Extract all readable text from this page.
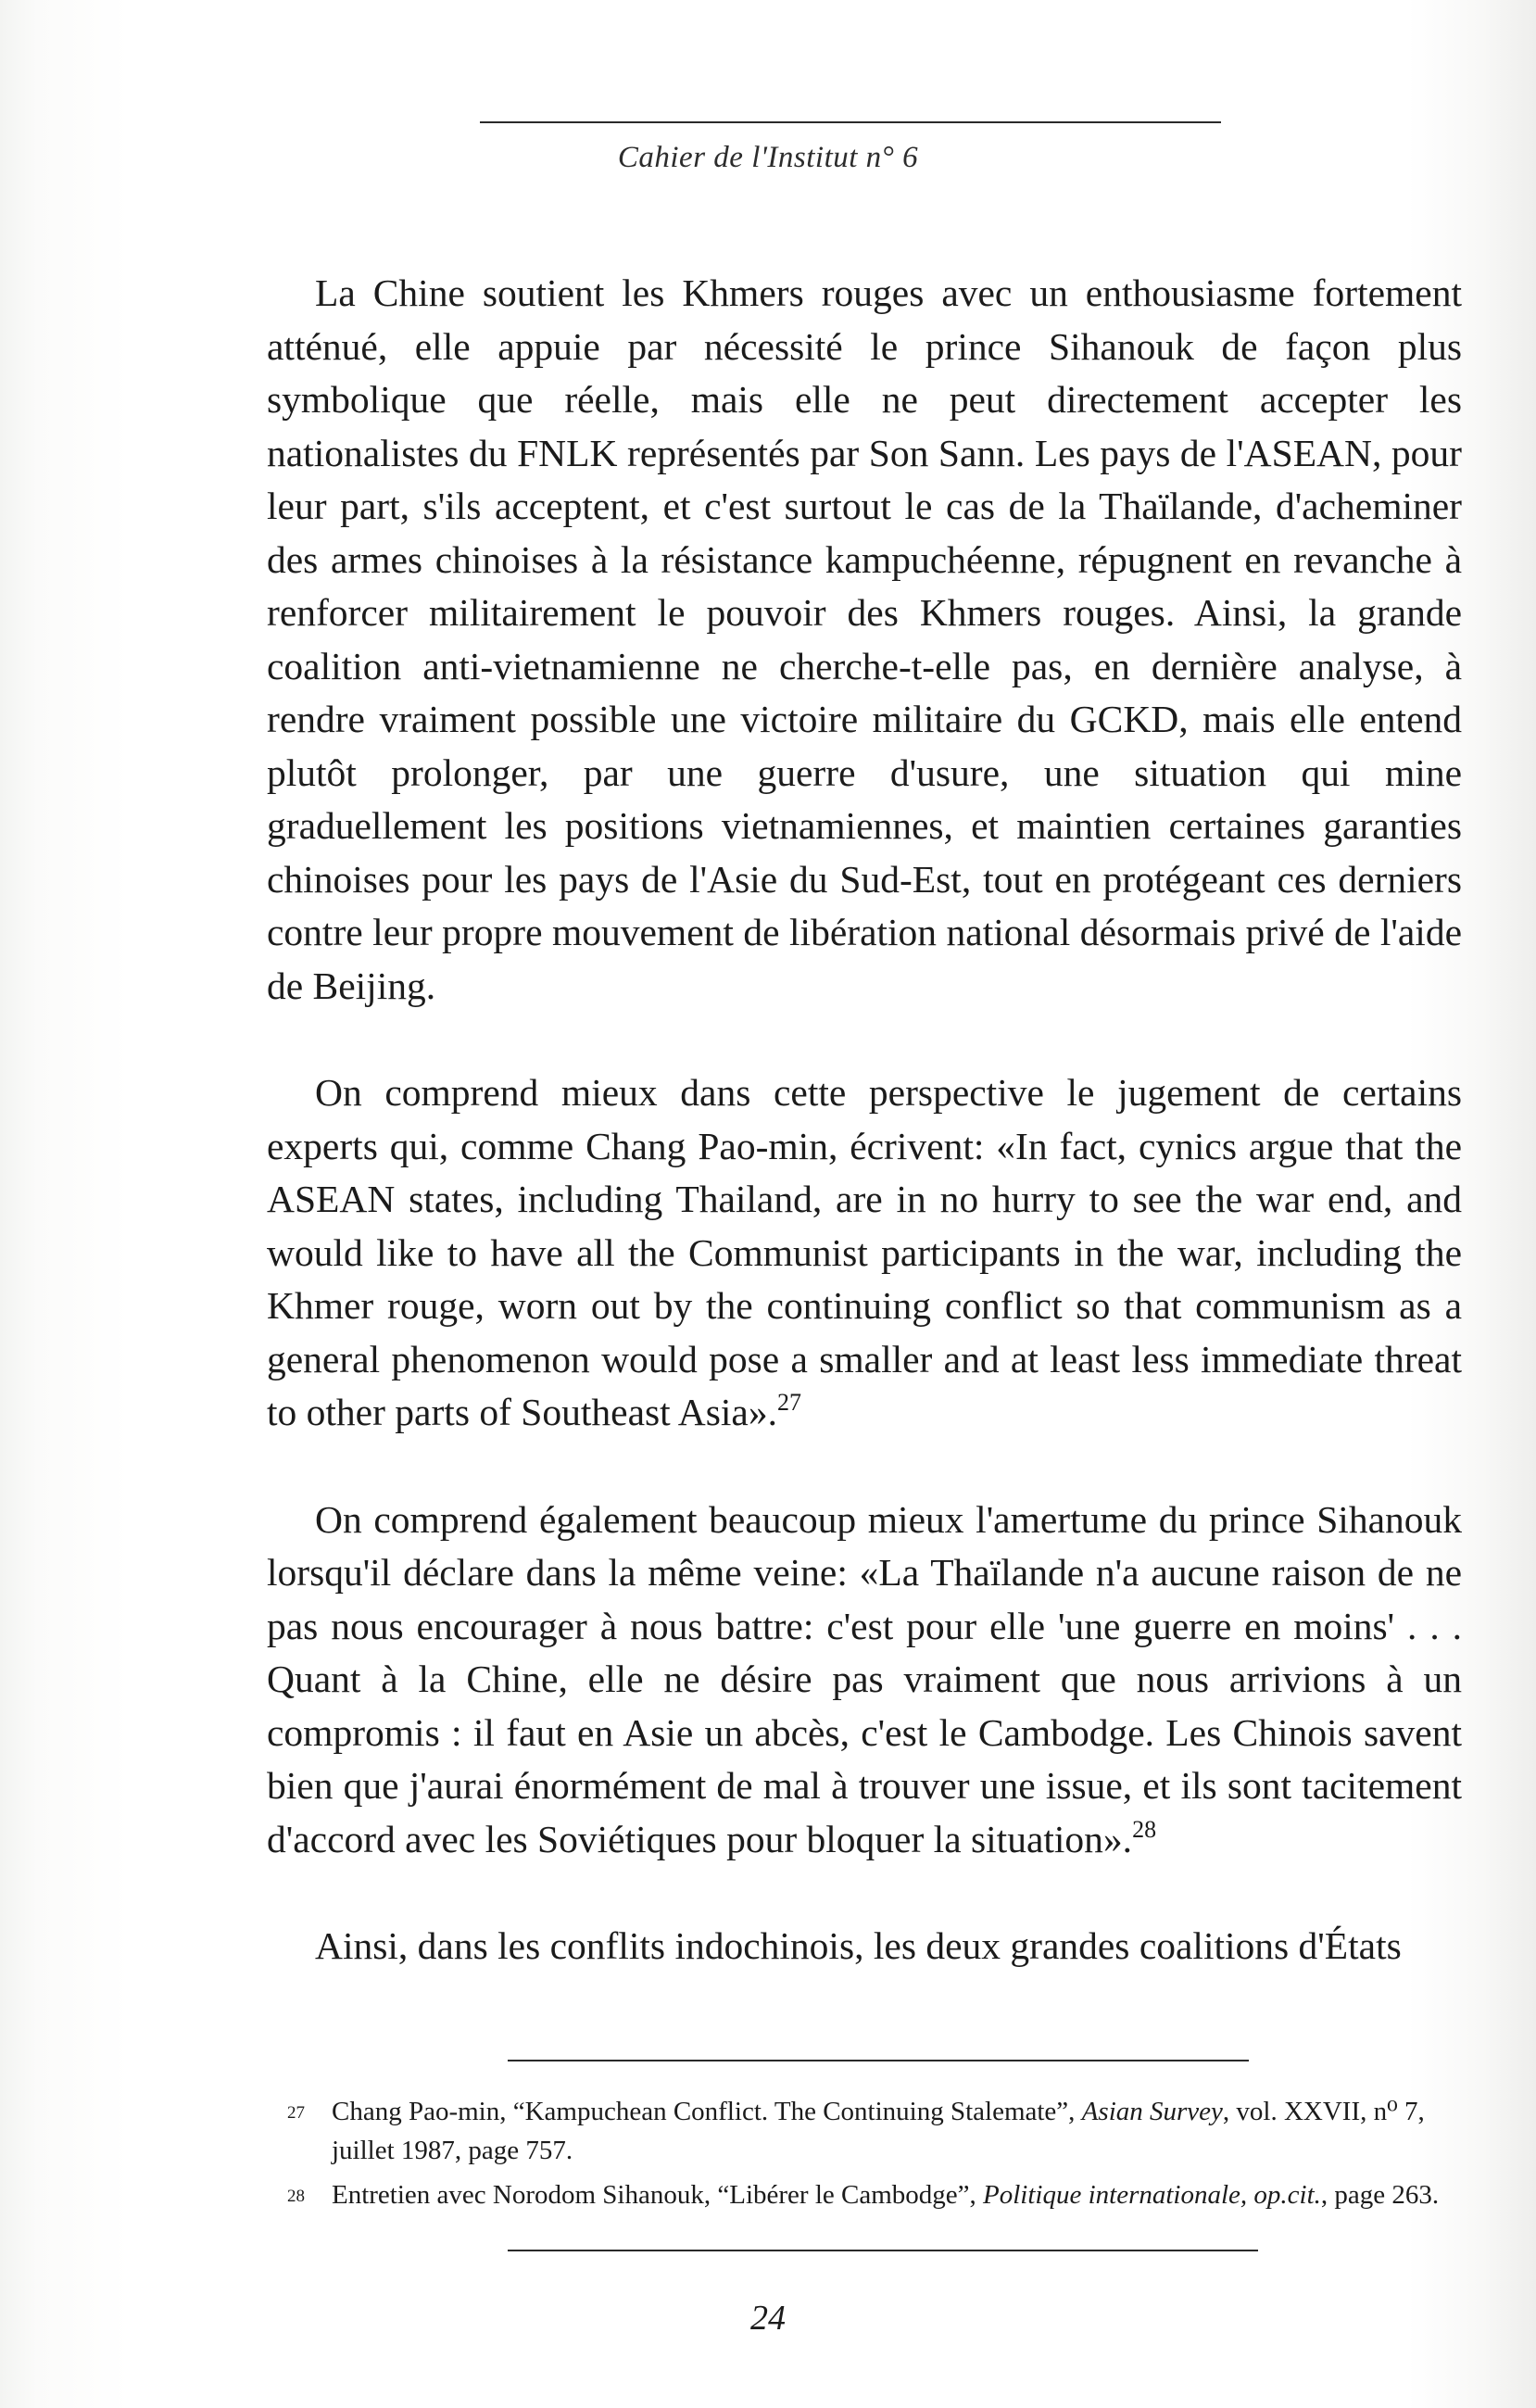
Cahier de l'Institut n° 6

La Chine soutient les Khmers rouges avec un enthousiasme fortement atténué, elle appuie par nécessité le prince Sihanouk de façon plus symbolique que réelle, mais elle ne peut directement accepter les nationalistes du FNLK représentés par Son Sann. Les pays de l'ASEAN, pour leur part, s'ils acceptent, et c'est surtout le cas de la Thaïlande, d'acheminer des armes chinoises à la résistance kampuchéenne, répugnent en revanche à renforcer militairement le pouvoir des Khmers rouges. Ainsi, la grande coalition anti-vietnamienne ne cherche-t-elle pas, en dernière analyse, à rendre vraiment possible une victoire militaire du GCKD, mais elle entend plutôt prolonger, par une guerre d'usure, une situation qui mine graduellement les positions vietnamiennes, et maintien certaines garanties chinoises pour les pays de l'Asie du Sud-Est, tout en protégeant ces derniers contre leur propre mouvement de libération national désormais privé de l'aide de Beijing.

On comprend mieux dans cette perspective le jugement de certains experts qui, comme Chang Pao-min, écrivent: «In fact, cynics argue that the ASEAN states, including Thailand, are in no hurry to see the war end, and would like to have all the Communist participants in the war, including the Khmer rouge, worn out by the continuing conflict so that communism as a general phenomenon would pose a smaller and at least less immediate threat to other parts of Southeast Asia».$^{27}$

On comprend également beaucoup mieux l'amertume du prince Sihanouk lorsqu'il déclare dans la même veine: «La Thaïlande n'a aucune raison de ne pas nous encourager à nous battre: c'est pour elle 'une guerre en moins' . . . Quant à la Chine, elle ne désire pas vraiment que nous arrivions à un compromis : il faut en Asie un abcès, c'est le Cambodge. Les Chinois savent bien que j'aurai énormément de mal à trouver une issue, et ils sont tacitement d'accord avec les Soviétiques pour bloquer la situation».$^{28}$

Ainsi, dans les conflits indochinois, les deux grandes coalitions d'États

27 Chang Pao-min, “Kampuchean Conflict. The Continuing Stalemate”, Asian Survey, vol. XXVII, n⁰ 7, juillet 1987, page 757.

28 Entretien avec Norodom Sihanouk, “Libérer le Cambodge”, Politique internationale, op.cit., page 263.

24
